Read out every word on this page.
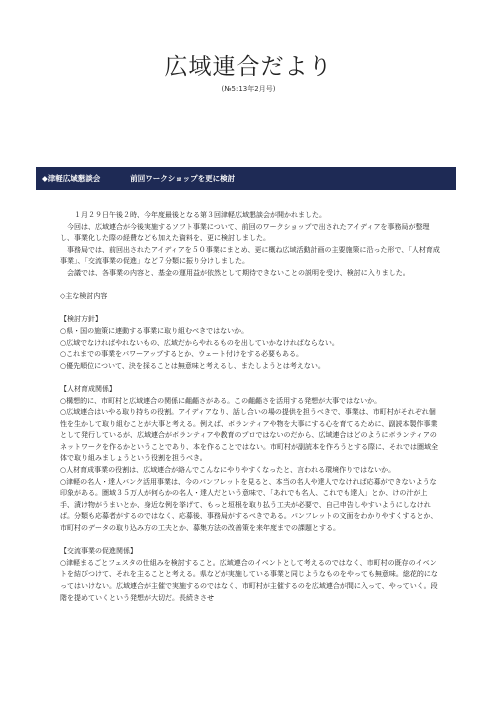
広域連合だより
(№5:13年2月号)
◆津軽広域懇談会	前回ワークショップを更に検討

１月２９日午後２時、今年度最後となる第３回津軽広域懇談会が開かれました。

今回は、広域連合が今後実施するソフト事業について、前回のワークショップで出されたアイディアを事務局が整理し、事業化した際の経費なども加えた資料を、更に検討しました。

事務局では、前回出されたアイディアを５０事業にまとめ、更に概ね広域活動計画の主要施策に沿った形で、「人材育成事業」、「交流事業の促進」など７分類に振り分けしました。

会議では、各事業の内容と、基金の運用益が依然として期待できないことの説明を受け、検討に入りました。

◇主な検討内容

【検討方針】

○県・国の施策に連動する事業に取り組むべきではないか。

○広域でなければやれないもの、広域だからやれるものを出していかなければならない。

○これまでの事業をパワーアップするとか、ウェート付けをする必要もある。

○優先順位について、決を採ることは無意味と考えるし、またしようとは考えない。

【人材育成関係】

○構想的に、市町村と広域連合の関係に齟齬さがある。この齟齬さを活用する発想が大事ではないか。

○広域連合はいやる取り持ちの役割。アイディアなり、話し合いの場の提供を担うべきで、事業は、市町村がそれぞれ個性を生かして取り組むことが大事と考える。例えば、ボランティアや物を大事にする心を育てるために、副読本製作事業として発行しているが、広域連合がボランティアや教育のプロではないのだから、広域連合はどのようにボランティアのネットワークを作るかということであり、本を作ることではない。市町村が副読本を作ろうとする際に、それでは圏域全体で取り組みましょうという役割を担うべき。

○人材育成事業の役割は、広域連合が絡んでこんなにやりやすくなったと、言われる環境作りではないか。

○津軽の名人・達人バンク活用事業は、今のパンフレットを見ると、本当の名人や達人でなければ応募ができないような印象がある。圏域３５万人が何らかの名人・達人だという意味で、「あれでも名人、これでも達人」とか、けの汁が上手、漬け物がうまいとか、身近な例を挙げて、もっと垣根を取り払う工夫が必要で、自己申告しやすいようにしなければ。分類も応募者がするのではなく、応募後、事務局がするべきである。パンフレットの文面をわかりやすくするとか、市町村のデータの取り込み方の工夫とか、募集方法の改善策を来年度までの課題とする。

【交流事業の促進関係】

○津軽まるごとフェスタの仕組みを検討すること。広域連合のイベントとして考えるのではなく、市町村の既存のイベントを結びつけて、それを主ることと考える。県などが実施している事業と同じようなものをやっても無意味。総花的になってはいけない。広域連合が主催で実施するのではなく、市町村が主催するのを広域連合が間に入って、やっていく。段階を提めていくという発想が大切だ。長続きさせ
